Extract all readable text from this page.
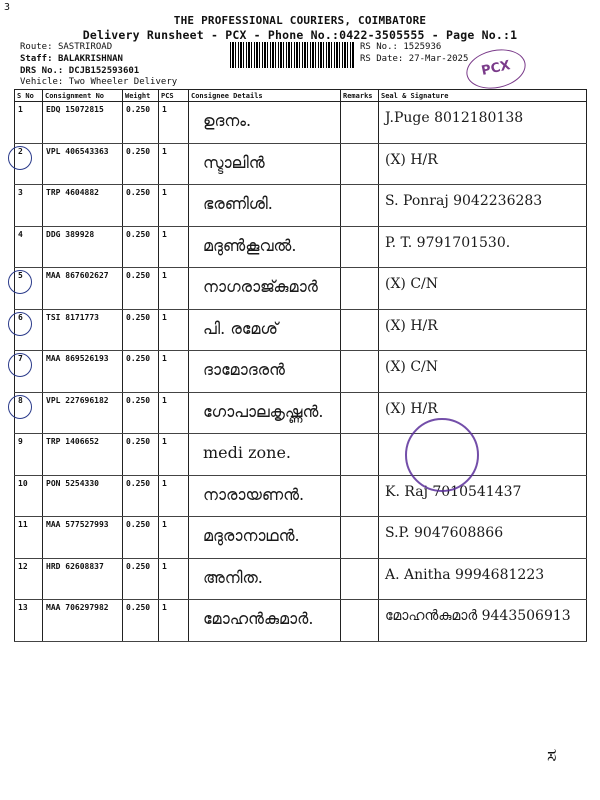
3
THE PROFESSIONAL COURIERS, COIMBATORE
Delivery Runsheet - PCX - Phone No.:0422-3505555 - Page No.:1
Route: SASTRIROAD
Staff: BALAKRISHNAN
DRS No.: DCJB152593601
Vehicle: Two Wheeler Delivery
RS No.: 1525936
RS Date: 27-Mar-2025 PCX
S No	Consignment No	Weight	PCS	Consignee Details	Remarks	Seal & Signature
1	EDQ 15072815	0.250	1	ഉദനം.		J.Puge 8012180138

2	VPL 406543363	0.250	1	സ്ടാലിൻ		(X) H/R

3	TRP 4604882	0.250	1	ഭരണിശി.		S. Ponraj 9042236283

4	DDG 389928	0.250	1	മദുൺകൂവൽ.		P. T. 9791701530.

5	MAA 867602627	0.250	1	നാഗരാജ്കുമാർ		(X) C/N

6	TSI 8171773	0.250	1	പി. രമേശ്		(X) H/R

7	MAA 869526193	0.250	1	ദാമോദരൻ		(X) C/N

8	VPL 227696182	0.250	1	ഗോപാലകൃഷ്ണൻ.		(X) H/R

9	TRP 1406652	0.250	1	medi zone.		

10	PON 5254330	0.250	1	നാരായണൻ.		K. Raj 7010541437

11	MAA 577527993	0.250	1	മദുരാനാഥൻ.		S.P. 9047608866

12	HRD 62608837	0.250	1	അനിത.		A. Anitha 9994681223

13	MAA 706297982	0.250	1	മോഹൻകുമാർ.		മോഹൻകുമാർ 9443506913
ಸ
